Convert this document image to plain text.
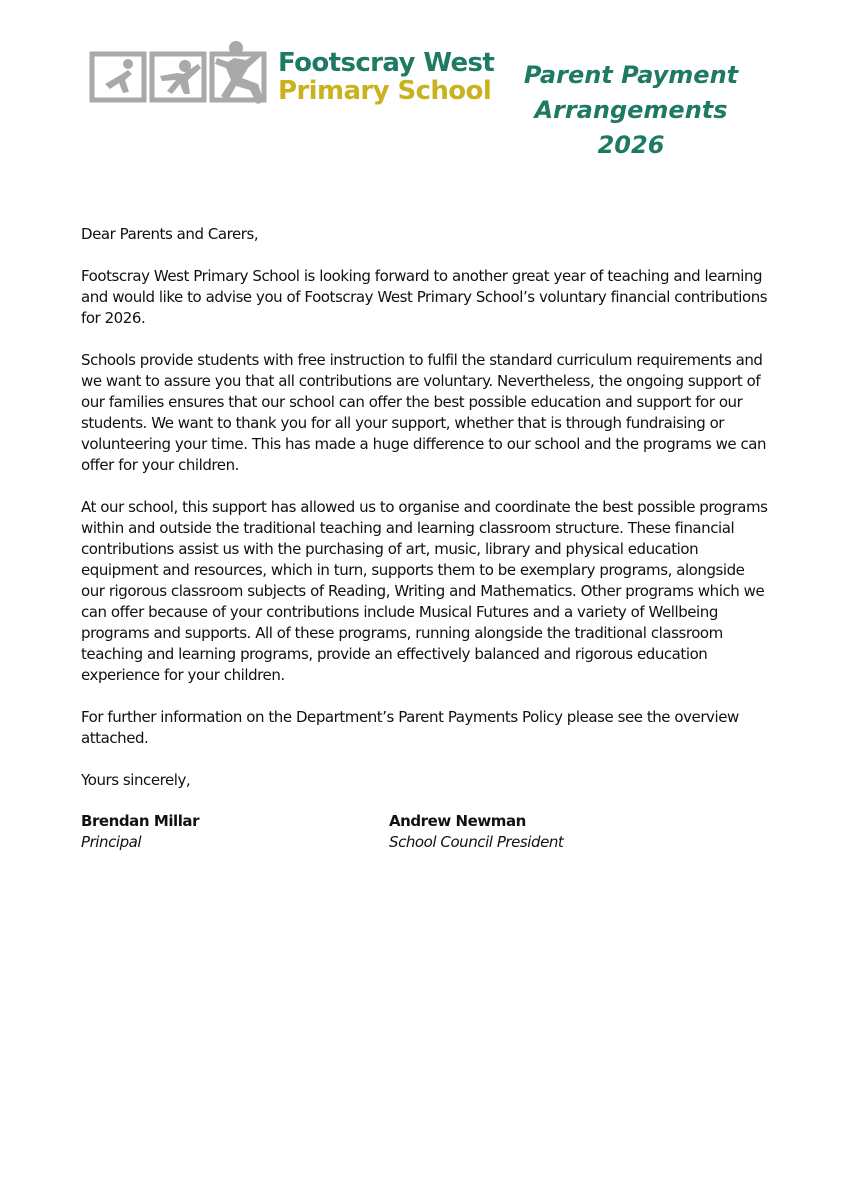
Footscray West
Primary School
Parent Payment
Arrangements
2026

Dear Parents and Carers,

Footscray West Primary School is looking forward to another great year of teaching and learning and would like to advise you of Footscray West Primary School’s voluntary financial contributions for 2026.

Schools provide students with free instruction to fulfil the standard curriculum requirements and we want to assure you that all contributions are voluntary. Nevertheless, the ongoing support of our families ensures that our school can offer the best possible education and support for our students. We want to thank you for all your support, whether that is through fundraising or volunteering your time. This has made a huge difference to our school and the programs we can offer for your children.

At our school, this support has allowed us to organise and coordinate the best possible programs within and outside the traditional teaching and learning classroom structure. These financial contributions assist us with the purchasing of art, music, library and physical education equipment and resources, which in turn, supports them to be exemplary programs, alongside our rigorous classroom subjects of Reading, Writing and Mathematics. Other programs which we can offer because of your contributions include Musical Futures and a variety of Wellbeing programs and supports. All of these programs, running alongside the traditional classroom teaching and learning programs, provide an effectively balanced and rigorous education experience for your children.

For further information on the Department’s Parent Payments Policy please see the overview attached.

Yours sincerely,

Brendan Millar
Principal
Andrew Newman
School Council President
